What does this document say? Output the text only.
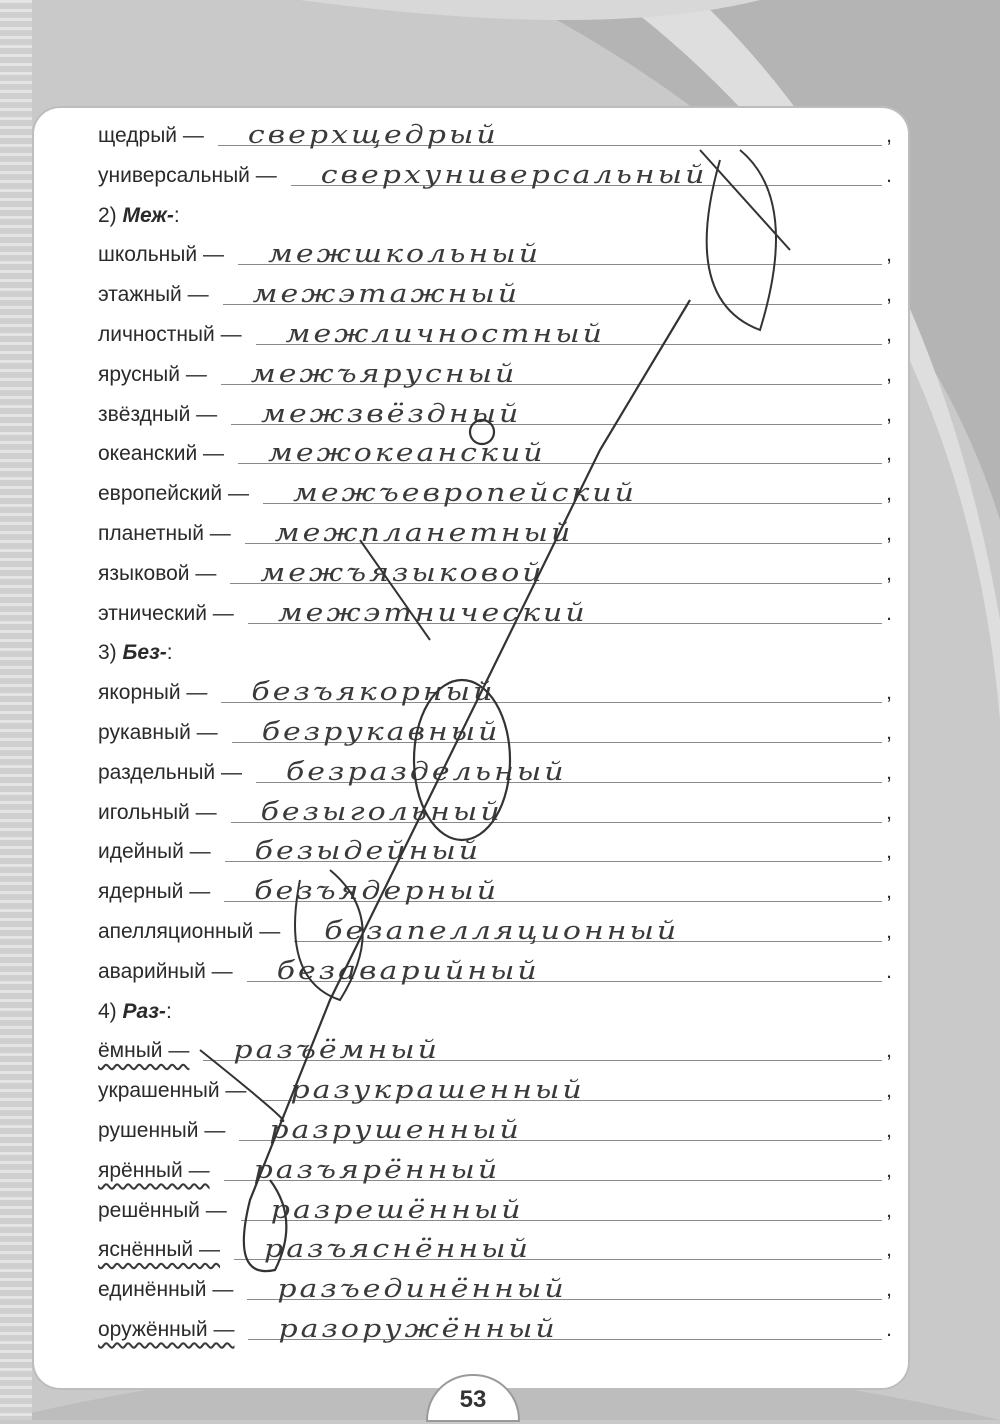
щедрый — сверхщедрый	,
универсальный — сверхуниверсальный	.
2) Меж-:
школьный — межшкольный	,
этажный — межэтажный	,
личностный — межличностный	,
ярусный — межъярусный	,
звёздный — межзвёздный	,
океанский — межокеанский	,
европейский — межъевропейский	,
планетный — межпланетный	,
языковой — межъязыковой	,
этнический — межэтнический	.
3) Без-:
якорный — безъякорный	,
рукавный — безрукавный	,
раздельный — безраздельный	,
игольный — безыгольный	,
идейный — безыдейный	,
ядерный — безъядерный	,
апелляционный — безапелляционный	,
аварийный — безаварийный	.
4) Раз-:
ёмный — разъёмный	,
украшенный — разукрашенный	,
рушенный — разрушенный	,
ярённый — разъярённый	,
решённый — разрешённый	,
яснённый — разъяснённый	,
единённый — разъединённый	,
оружённый — разоружённый	.
53
